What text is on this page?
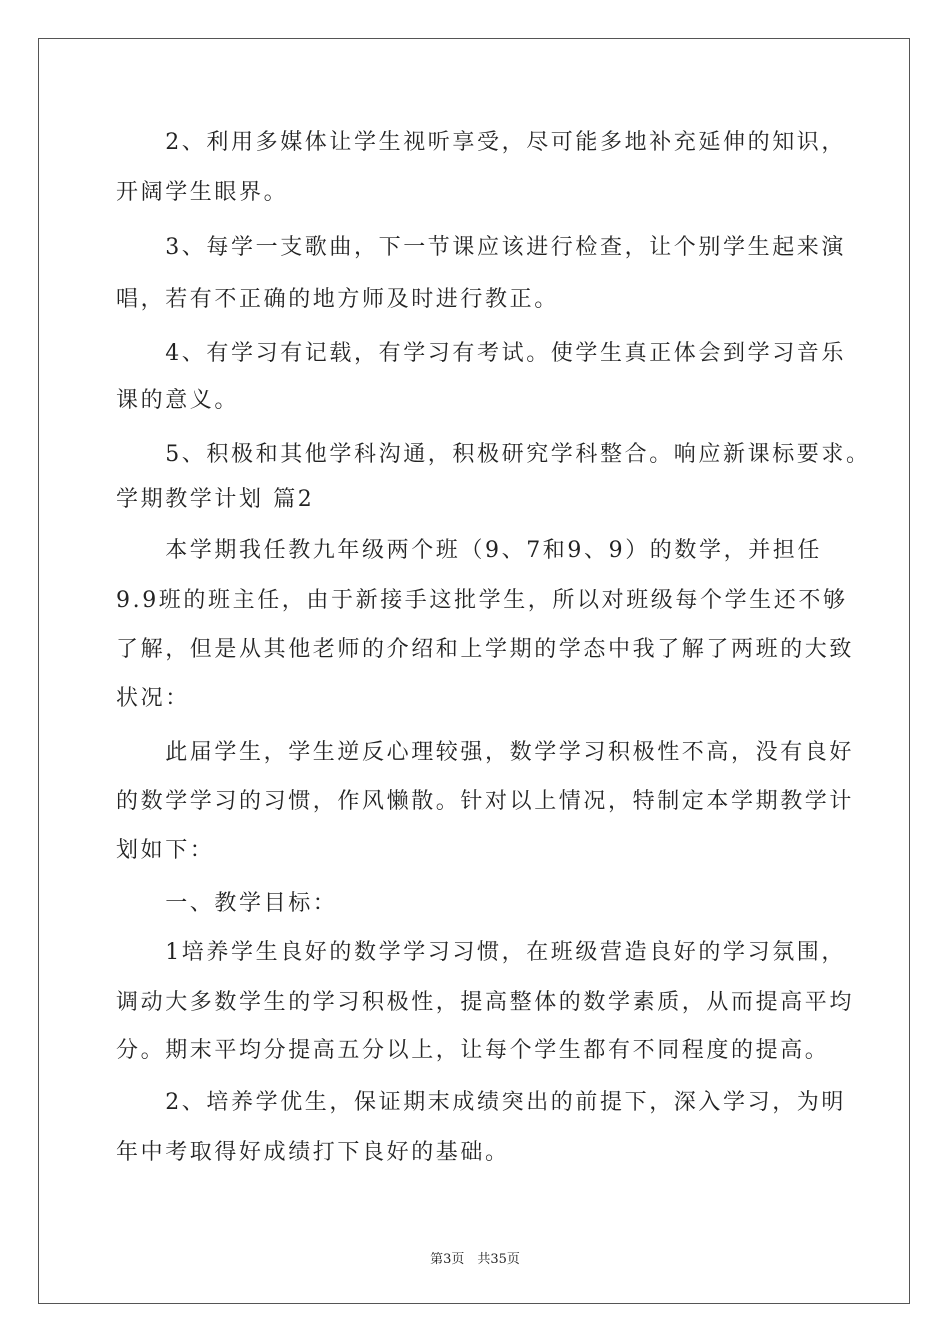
　　2、利用多媒体让学生视听享受，尽可能多地补充延伸的知识，
开阔学生眼界。
　　3、每学一支歌曲，下一节课应该进行检查，让个别学生起来演
唱，若有不正确的地方师及时进行教正。
　　4、有学习有记载，有学习有考试。使学生真正体会到学习音乐
课的意义。
　　5、积极和其他学科沟通，积极研究学科整合。响应新课标要求。
学期教学计划 篇2
　　本学期我任教九年级两个班（9、7和9、9）的数学，并担任
9.9班的班主任，由于新接手这批学生，所以对班级每个学生还不够
了解，但是从其他老师的介绍和上学期的学态中我了解了两班的大致
状况：
　　此届学生，学生逆反心理较强，数学学习积极性不高，没有良好
的数学学习的习惯，作风懒散。针对以上情况，特制定本学期教学计
划如下：
　　一、教学目标：
　　1培养学生良好的数学学习习惯，在班级营造良好的学习氛围，
调动大多数学生的学习积极性，提高整体的数学素质，从而提高平均
分。期末平均分提高五分以上，让每个学生都有不同程度的提高。
　　2、培养学优生，保证期末成绩突出的前提下，深入学习，为明
年中考取得好成绩打下良好的基础。
第3页　共35页
